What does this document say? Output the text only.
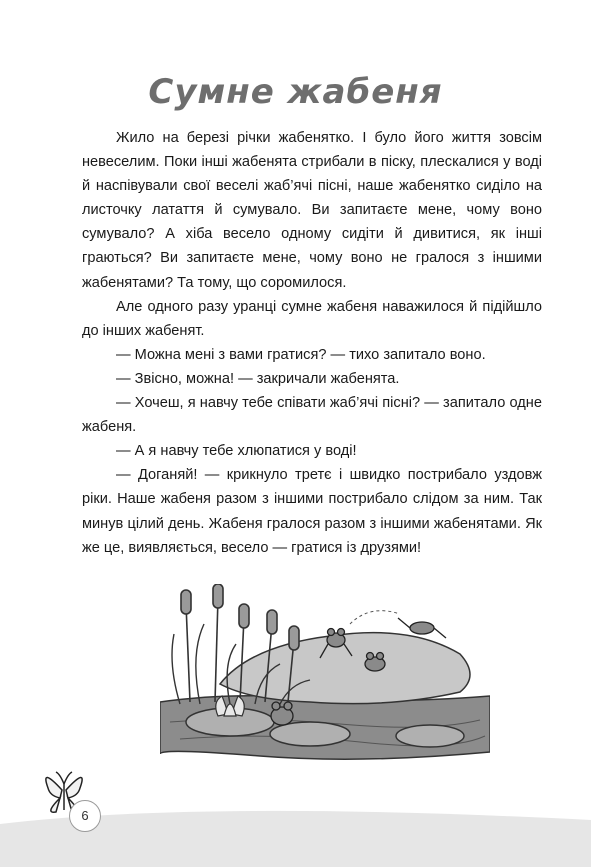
Сумне жабеня

Жило на березі річки жабенятко. І було його життя зовсім невеселим. Поки інші жабенята стрибали в піску, плескалися у воді й наспівували свої веселі жаб’ячі пісні, наше жабенятко сиділо на листочку латаття й сумувало. Ви запитаєте мене, чому воно сумувало? А хіба весело одному сидіти й дивитися, як інші граються? Ви запитаєте мене, чому воно не гралося з іншими жабенятами? Та тому, що соромилося.

Але одного разу уранці сумне жабеня наважилося й підійшло до інших жабенят.

— Можна мені з вами гратися? — тихо запитало воно.

— Звісно, можна! — закричали жабенята.

— Хочеш, я навчу тебе співати жаб’ячі пісні? — запитало одне жабеня.

— А я навчу тебе хлюпатися у воді!

— Доганяй! — крикнуло третє і швидко пострибало уздовж ріки. Наше жабеня разом з іншими пострибало слідом за ним. Так минув цілий день. Жабеня гралося разом з іншими жабенятами. Як же це, виявляється, весело — гратися із друзями!

6
